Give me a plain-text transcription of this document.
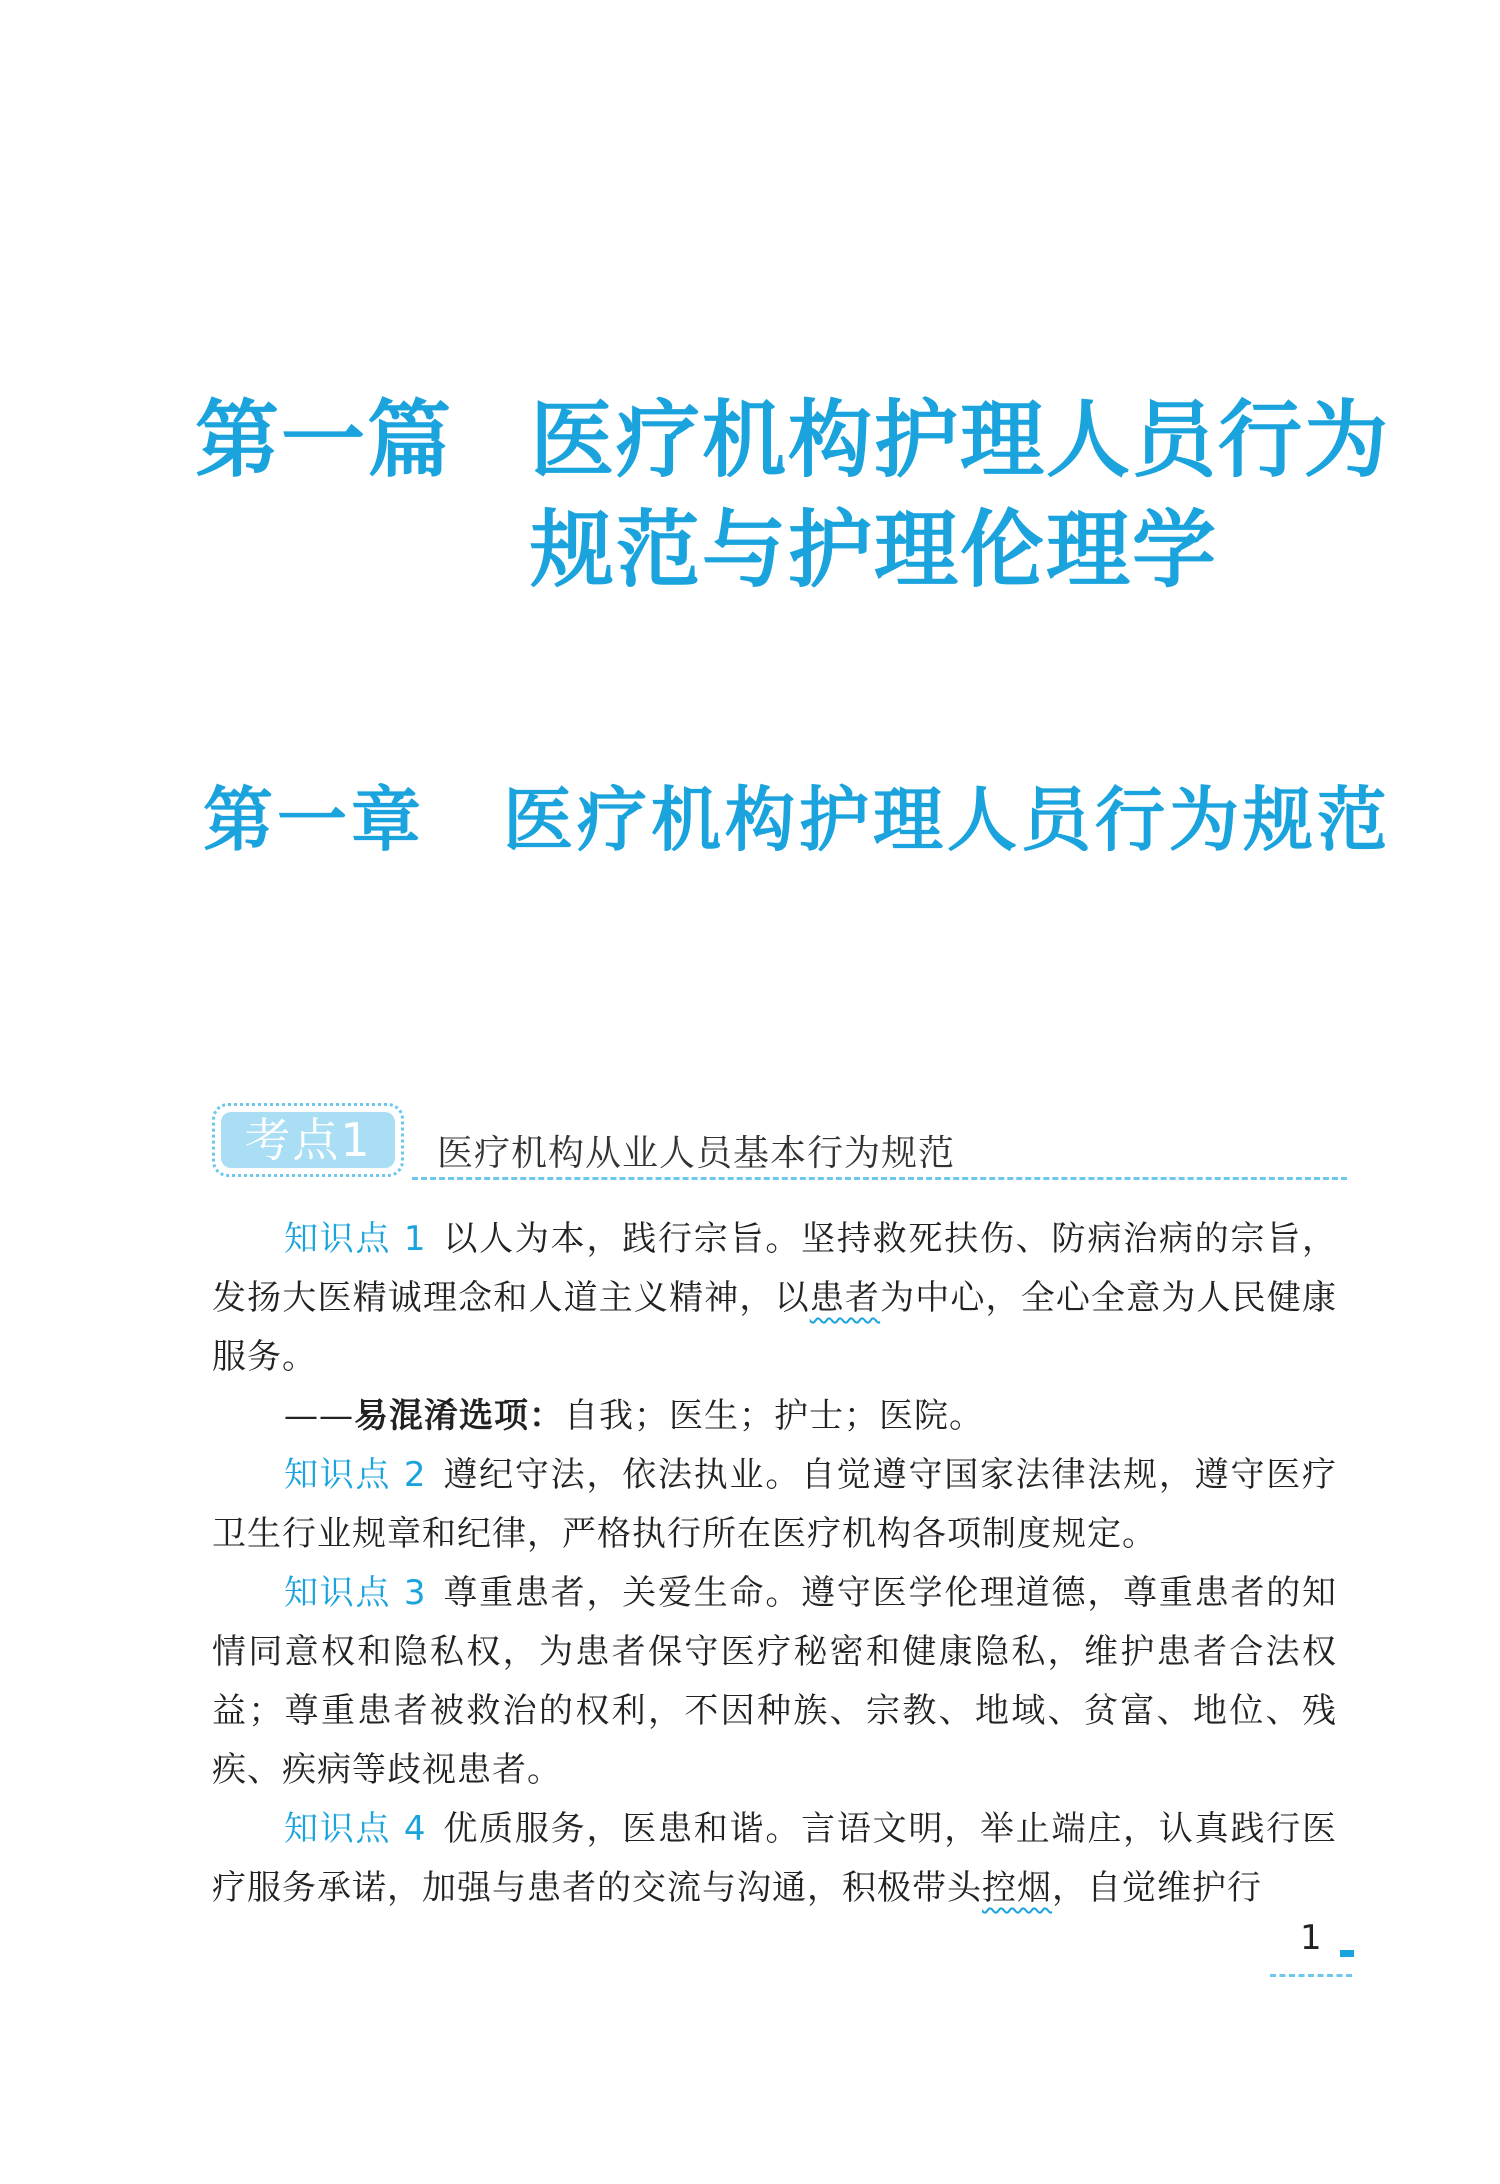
第一篇 医疗机构护理人员行为
规范与护理伦理学
第一章 医疗机构护理人员行为规范
考点1	医疗机构从业人员基本行为规范

知识点 1 以人为本，践行宗旨。坚持救死扶伤、防病治病的宗旨，发扬大医精诚理念和人道主义精神，以患者为中心，全心全意为人民健康服务。

——易混淆选项：自我；医生；护士；医院。

知识点 2 遵纪守法，依法执业。自觉遵守国家法律法规，遵守医疗卫生行业规章和纪律，严格执行所在医疗机构各项制度规定。

知识点 3 尊重患者，关爱生命。遵守医学伦理道德，尊重患者的知情同意权和隐私权，为患者保守医疗秘密和健康隐私，维护患者合法权益；尊重患者被救治的权利，不因种族、宗教、地域、贫富、地位、残疾、疾病等歧视患者。

知识点 4 优质服务，医患和谐。言语文明，举止端庄，认真践行医疗服务承诺，加强与患者的交流与沟通，积极带头控烟，自觉维护行

1
